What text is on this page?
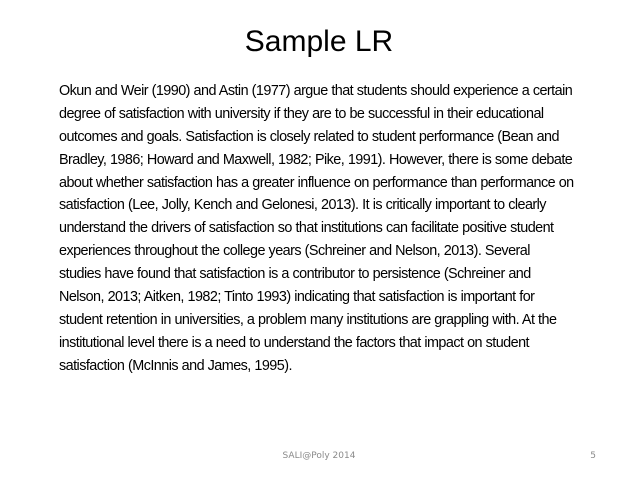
Sample LR
Okun and Weir (1990) and Astin (1977) argue that students should experience a certain
degree of satisfaction with university if they are to be successful in their educational
outcomes and goals. Satisfaction is closely related to student performance (Bean and
Bradley, 1986; Howard and Maxwell, 1982; Pike, 1991). However, there is some debate
about whether satisfaction has a greater influence on performance than performance on
satisfaction (Lee, Jolly, Kench and Gelonesi, 2013). It is critically important to clearly
understand the drivers of satisfaction so that institutions can facilitate positive student
experiences throughout the college years (Schreiner and Nelson, 2013). Several
studies have found that satisfaction is a contributor to persistence (Schreiner and
Nelson, 2013; Aitken, 1982; Tinto 1993) indicating that satisfaction is important for
student retention in universities, a problem many institutions are grappling with. At the
institutional level there is a need to understand the factors that impact on student
satisfaction (McInnis and James, 1995).
SALI@Poly 2014	5
